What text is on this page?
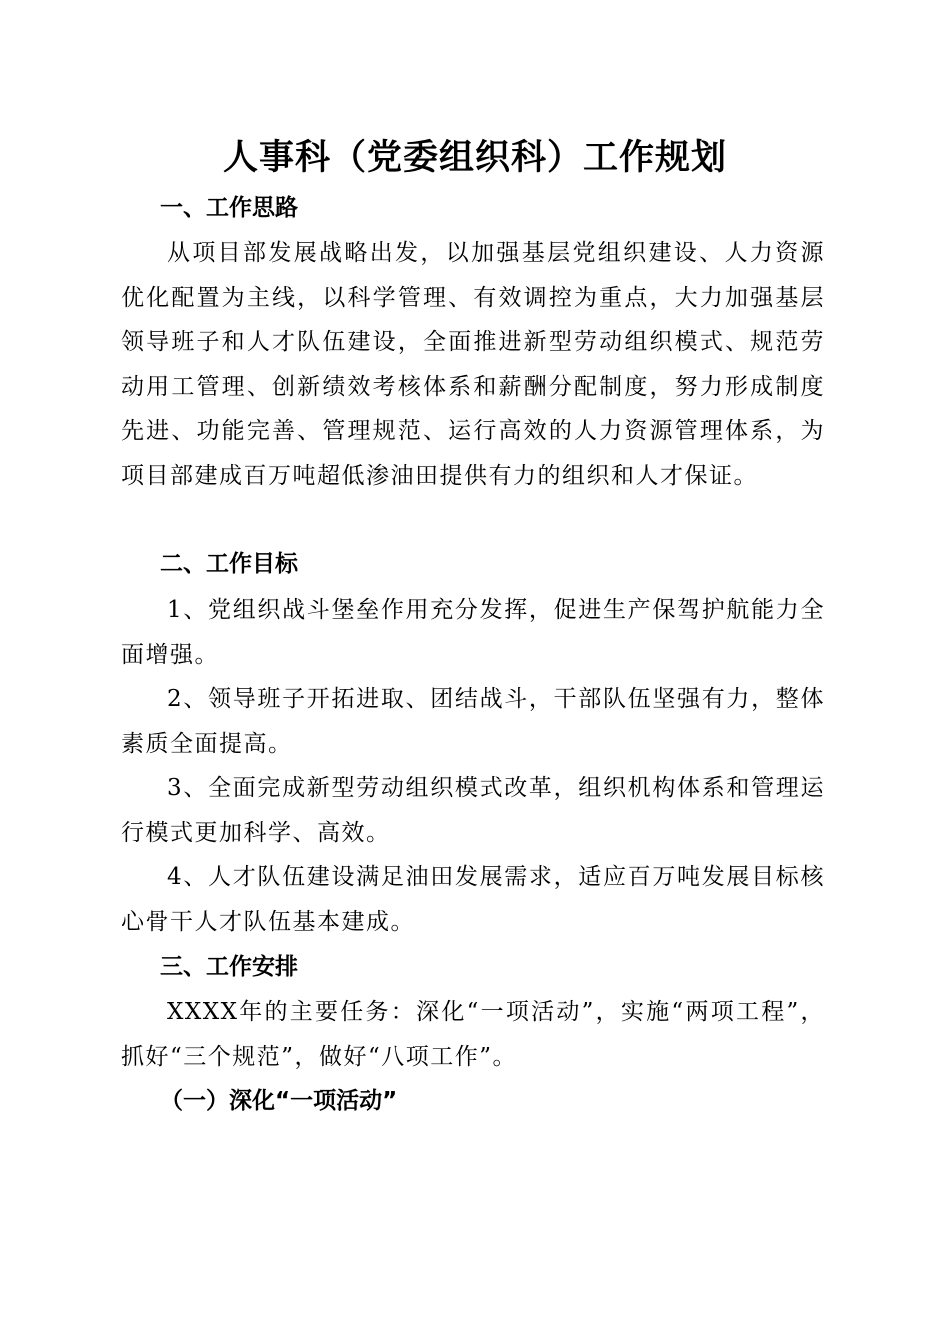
人事科（党委组织科）工作规划
一、工作思路

从项目部发展战略出发，以加强基层党组织建设、人力资源优化配置为主线，以科学管理、有效调控为重点，大力加强基层领导班子和人才队伍建设，全面推进新型劳动组织模式、规范劳动用工管理、创新绩效考核体系和薪酬分配制度，努力形成制度先进、功能完善、管理规范、运行高效的人力资源管理体系，为项目部建成百万吨超低渗油田提供有力的组织和人才保证。

二、工作目标

1、党组织战斗堡垒作用充分发挥，促进生产保驾护航能力全面增强。

2、领导班子开拓进取、团结战斗，干部队伍坚强有力，整体素质全面提高。

3、全面完成新型劳动组织模式改革，组织机构体系和管理运行模式更加科学、高效。

4、人才队伍建设满足油田发展需求，适应百万吨发展目标核心骨干人才队伍基本建成。

三、工作安排

XXXX年的主要任务：深化“一项活动”，实施“两项工程”，抓好“三个规范”，做好“八项工作”。

（一）深化“一项活动”
